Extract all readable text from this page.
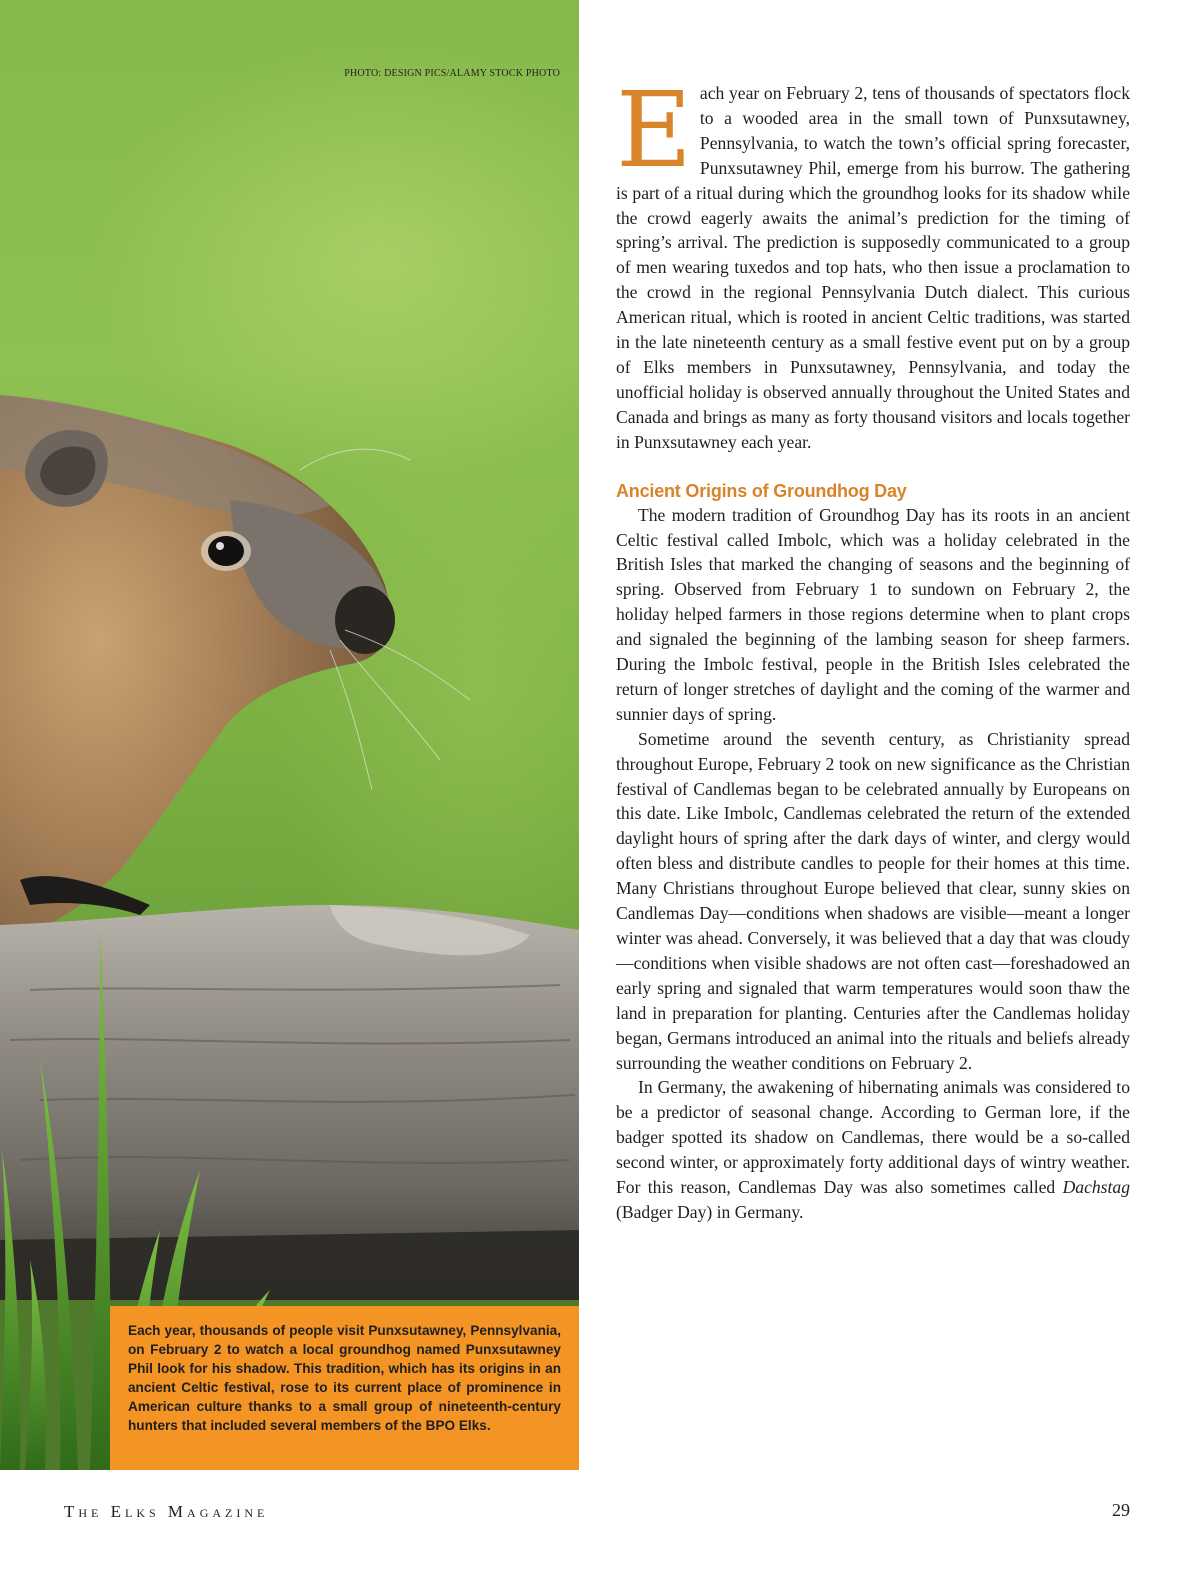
PHOTO: DESIGN PICS/ALAMY STOCK PHOTO
Each year, thousands of people visit Punxsutawney, Pennsylvania, on February 2 to watch a local groundhog named Punxsutawney Phil look for his shadow. This tradition, which has its origins in an ancient Celtic festival, rose to its current place of prominence in American culture thanks to a small group of nineteenth-century hunters that included several members of the BPO Elks.

Each year on February 2, tens of thousands of spectators flock to a wooded area in the small town of Punxsutawney, Pennsylvania, to watch the town’s official spring forecaster, Punxsutawney Phil, emerge from his burrow. The gathering is part of a ritual during which the groundhog looks for its shadow while the crowd eagerly awaits the animal’s prediction for the timing of spring’s arrival. The prediction is supposedly communicated to a group of men wearing tuxedos and top hats, who then issue a proclamation to the crowd in the regional Pennsylvania Dutch dialect. This curious American ritual, which is rooted in ancient Celtic traditions, was started in the late nineteenth century as a small festive event put on by a group of Elks members in Punxsutawney, Pennsylvania, and today the unofficial holiday is observed annually throughout the United States and Canada and brings as many as forty thousand visitors and locals together in Punxsutawney each year.

Ancient Origins of Groundhog Day

The modern tradition of Groundhog Day has its roots in an ancient Celtic festival called Imbolc, which was a holiday celebrated in the British Isles that marked the changing of seasons and the beginning of spring. Observed from February 1 to sundown on February 2, the holiday helped farmers in those regions determine when to plant crops and signaled the beginning of the lambing season for sheep farmers. During the Imbolc festival, people in the British Isles celebrated the return of longer stretches of daylight and the coming of the warmer and sunnier days of spring.

Sometime around the seventh century, as Christianity spread throughout Europe, February 2 took on new significance as the Christian festival of Candlemas began to be celebrated annually by Europeans on this date. Like Imbolc, Candlemas celebrated the return of the extended daylight hours of spring after the dark days of winter, and clergy would often bless and distribute candles to people for their homes at this time. Many Christians throughout Europe believed that clear, sunny skies on Candlemas Day—conditions when shadows are visible—meant a longer winter was ahead. Conversely, it was believed that a day that was cloudy—conditions when visible shadows are not often cast—foreshadowed an early spring and signaled that warm temperatures would soon thaw the land in preparation for planting. Centuries after the Candlemas holiday began, Germans introduced an animal into the rituals and beliefs already surrounding the weather conditions on February 2.

In Germany, the awakening of hibernating animals was considered to be a predictor of seasonal change. According to German lore, if the badger spotted its shadow on Candlemas, there would be a so-called second winter, or approximately forty additional days of wintry weather. For this reason, Candlemas Day was also sometimes called Dachstag (Badger Day) in Germany.

The Elks Magazine	29
